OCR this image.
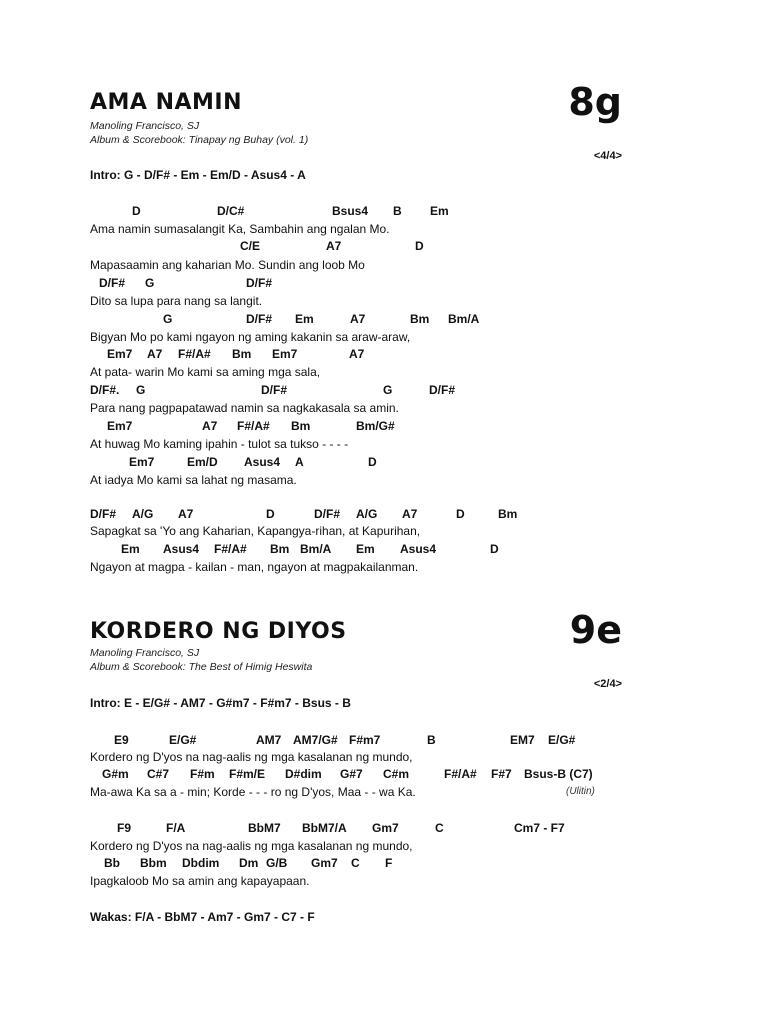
AMA NAMIN	8g
Manoling Francisco, SJ
Album & Scorebook: Tinapay ng Buhay (vol. 1)
<4/4>
Intro: G - D/F# - Em - Em/D - Asus4 - A
D	D/C#	Bsus4 B Em
Ama namin sumasalangit Ka, Sambahin ang ngalan Mo.
C/E	A7	D
Mapasaamin ang kaharian Mo. Sundin ang loob Mo
D/F# G	D/F#
Dito sa lupa para nang sa langit.
G	D/F# Em	A7	Bm Bm/A
Bigyan Mo po kami ngayon ng aming kakanin sa araw-araw,
Em7 A7 F#/A# Bm Em7	A7
At pata- warin Mo kami sa aming mga sala,
D/F#. G	D/F#	G	D/F#
Para nang pagpapatawad namin sa nagkakasala sa amin.
Em7	A7 F#/A# Bm	Bm/G#
At huwag Mo kaming ipahin - tulot sa tukso - - - -
Em7	Em/D Asus4 A	D
At iadya Mo kami sa lahat ng masama.
D/F# A/G A7	D	D/F# A/G A7	D	Bm
Sapagkat sa 'Yo ang Kaharian, Kapangya-rihan, at Kapurihan,
Em Asus4 F#/A# Bm Bm/A Em Asus4	D
Ngayon at magpa - kailan - man, ngayon at magpakailanman.
KORDERO NG DIYOS	9e
Manoling Francisco, SJ
Album & Scorebook: The Best of Himig Heswita
<2/4>
Intro: E - E/G# - AM7 - G#m7 - F#m7 - Bsus - B
E9	E/G#	AM7 AM7/G# F#m7	B	EM7 E/G#
Kordero ng D'yos na nag-aalis ng mga kasalanan ng mundo,
G#m C#7 F#m F#m/E D#dim G#7 C#m	F#/A# F#7 Bsus-B (C7)
Ma-awa Ka sa a - min; Korde - - - ro ng D'yos, Maa - - wa Ka.	(Ulitin)
F9	F/A	BbM7 BbM7/A Gm7	C	Cm7 - F7
Kordero ng D'yos na nag-aalis ng mga kasalanan ng mundo,
Bb Bbm Dbdim Dm G/B Gm7 C F
Ipagkaloob Mo sa amin ang kapayapaan.
Wakas: F/A - BbM7 - Am7 - Gm7 - C7 - F
